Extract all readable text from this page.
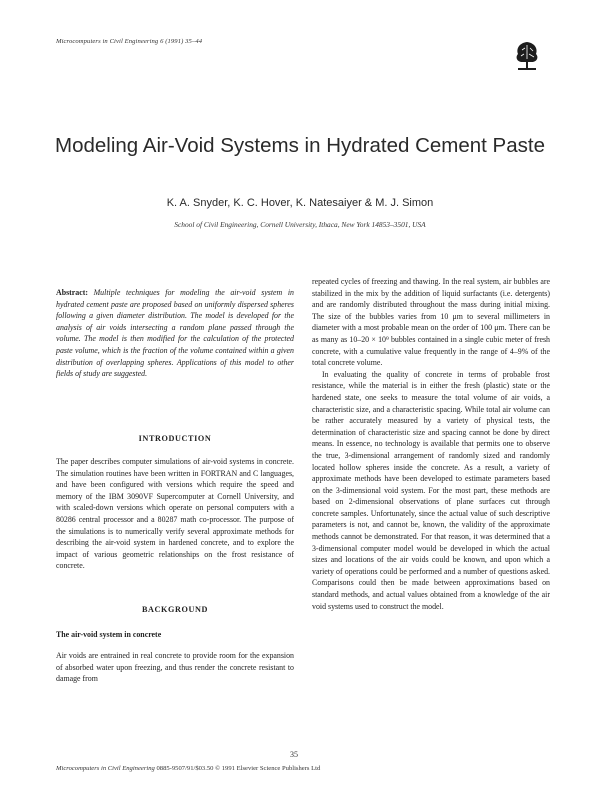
Microcomputers in Civil Engineering 6 (1991) 35–44
Modeling Air-Void Systems in Hydrated Cement Paste
K. A. Snyder, K. C. Hover, K. Natesaiyer & M. J. Simon
School of Civil Engineering, Cornell University, Ithaca, New York 14853–3501, USA
Abstract: Multiple techniques for modeling the air-void system in hydrated cement paste are proposed based on uniformly dispersed spheres following a given diameter distribution. The model is developed for the analysis of air voids intersecting a random plane passed through the volume. The model is then modified for the calculation of the protected paste volume, which is the fraction of the volume contained within a given distribution of overlapping spheres. Applications of this model to other fields of study are suggested.
INTRODUCTION

The paper describes computer simulations of air-void systems in concrete. The simulation routines have been written in FORTRAN and C languages, and have been configured with versions which require the speed and memory of the IBM 3090VF Supercomputer at Cornell University, and with scaled-down versions which operate on personal computers with a 80286 central processor and a 80287 math co-processor. The purpose of the simulations is to numerically verify several approximate methods for describing the air-void system in hardened concrete, and to explore the impact of various geometric relationships on the frost resistance of concrete.

BACKGROUND
The air-void system in concrete

Air voids are entrained in real concrete to provide room for the expansion of absorbed water upon freezing, and thus render the concrete resistant to damage from

repeated cycles of freezing and thawing. In the real system, air bubbles are stabilized in the mix by the addition of liquid surfactants (i.e. detergents) and are randomly distributed throughout the mass during initial mixing. The size of the bubbles varies from 10 μm to several millimeters in diameter with a most probable mean on the order of 100 μm. There can be as many as 10–20 × 10⁹ bubbles contained in a single cubic meter of fresh concrete, with a cumulative value frequently in the range of 4–9% of the total concrete volume.

In evaluating the quality of concrete in terms of probable frost resistance, while the material is in either the fresh (plastic) state or the hardened state, one seeks to measure the total volume of air voids, a characteristic size, and a characteristic spacing. While total air volume can be rather accurately measured by a variety of physical tests, the determination of characteristic size and spacing cannot be done by direct means. In essence, no technology is available that permits one to observe the true, 3-dimensional arrangement of randomly sized and randomly located hollow spheres inside the concrete. As a result, a variety of approximate methods have been developed to estimate parameters based on the 3-dimensional void system. For the most part, these methods are based on 2-dimensional observations of plane surfaces cut through concrete samples. Unfortunately, since the actual value of such descriptive parameters is not, and cannot be, known, the validity of the approximate methods cannot be demonstrated. For that reason, it was determined that a 3-dimensional computer model would be developed in which the actual sizes and locations of the air voids could be known, and upon which a variety of operations could be performed and a number of questions asked. Comparisons could then be made between approximations based on standard methods, and actual values obtained from a knowledge of the air void systems used to construct the model.

35
Microcomputers in Civil Engineering 0885-9507/91/$03.50 © 1991 Elsevier Science Publishers Ltd
